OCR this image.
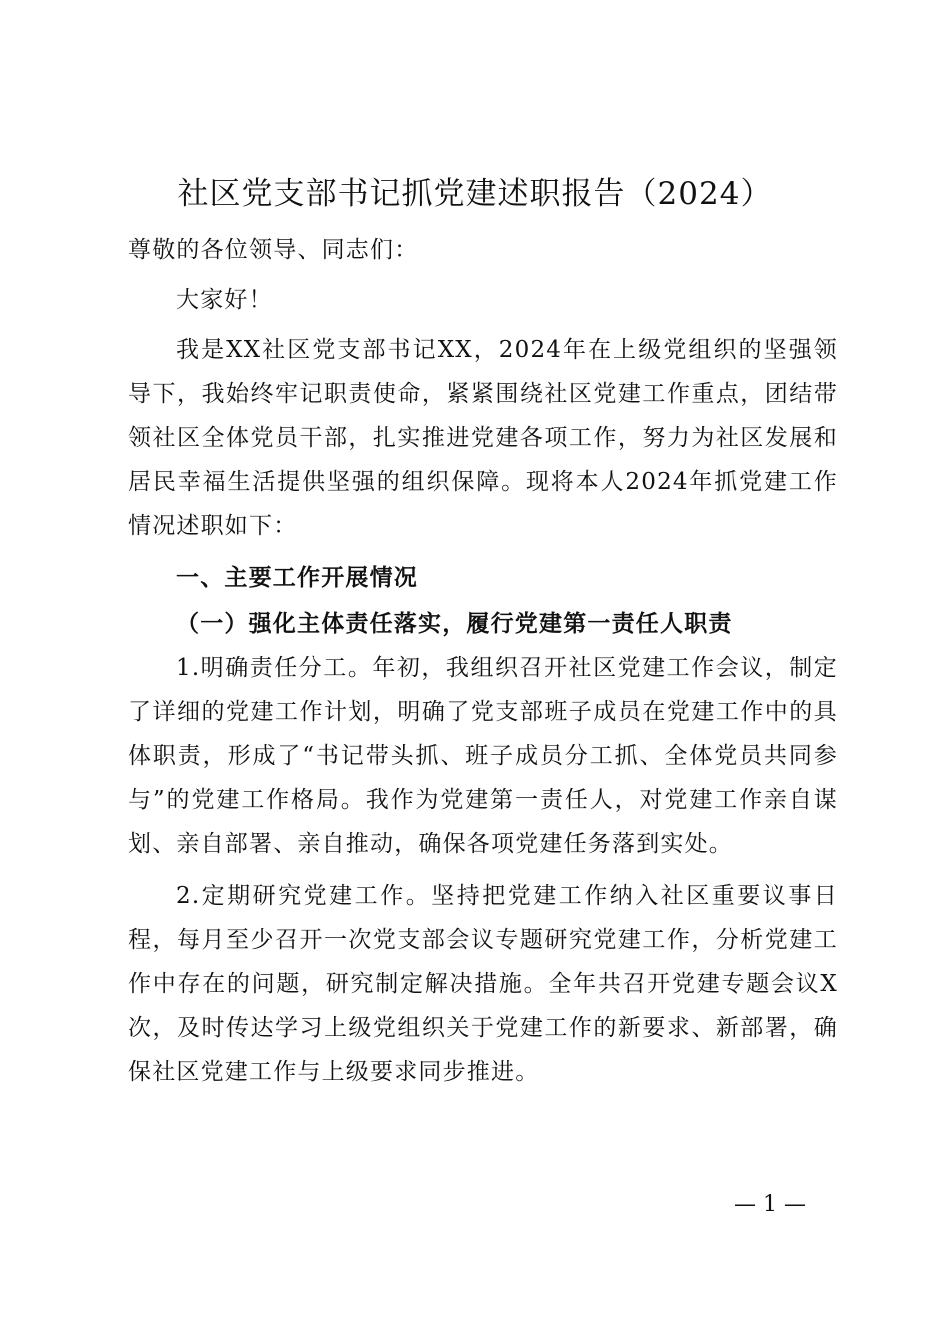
社区党支部书记抓党建述职报告（2024）

尊敬的各位领导、同志们：

大家好！

我是XX社区党支部书记XX，2024年在上级党组织的坚强领导下，我始终牢记职责使命，紧紧围绕社区党建工作重点，团结带领社区全体党员干部，扎实推进党建各项工作，努力为社区发展和居民幸福生活提供坚强的组织保障。现将本人2024年抓党建工作情况述职如下：

一、主要工作开展情况

（一）强化主体责任落实，履行党建第一责任人职责

1.明确责任分工。年初，我组织召开社区党建工作会议，制定了详细的党建工作计划，明确了党支部班子成员在党建工作中的具体职责，形成了“书记带头抓、班子成员分工抓、全体党员共同参与”的党建工作格局。我作为党建第一责任人，对党建工作亲自谋划、亲自部署、亲自推动，确保各项党建任务落到实处。

2.定期研究党建工作。坚持把党建工作纳入社区重要议事日程，每月至少召开一次党支部会议专题研究党建工作，分析党建工作中存在的问题，研究制定解决措施。全年共召开党建专题会议X次，及时传达学习上级党组织关于党建工作的新要求、新部署，确保社区党建工作与上级要求同步推进。

— 1 —
